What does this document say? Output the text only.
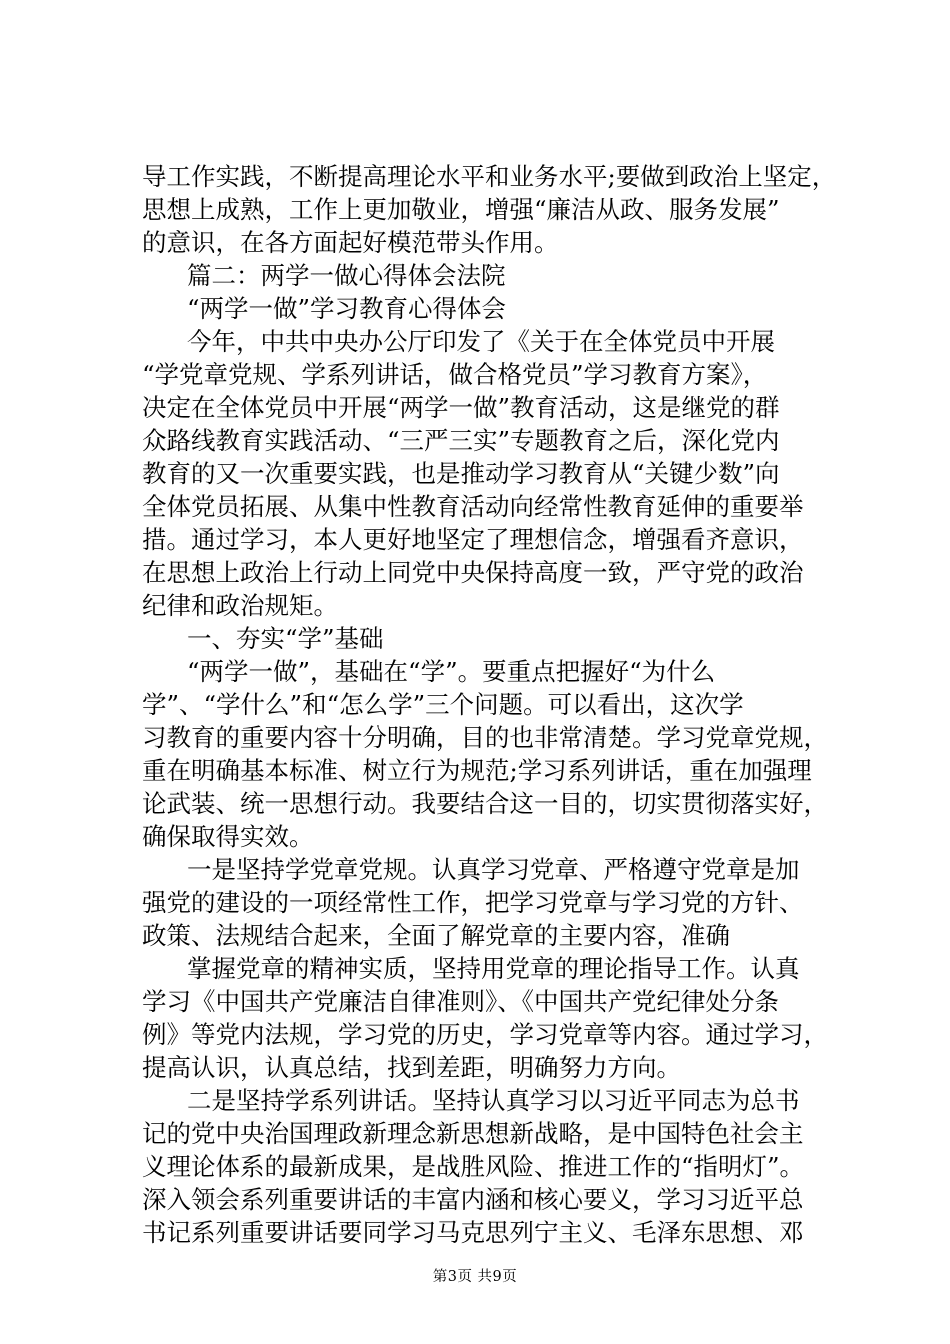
导工作实践，不断提高理论水平和业务水平;要做到政治上坚定，
思想上成熟，工作上更加敬业，增强“廉洁从政、服务发展”
的意识，在各方面起好模范带头作用。
篇二：两学一做心得体会法院
“两学一做”学习教育心得体会
今年，中共中央办公厅印发了《关于在全体党员中开展
“学党章党规、学系列讲话，做合格党员”学习教育方案》，
决定在全体党员中开展“两学一做”教育活动，这是继党的群
众路线教育实践活动、“三严三实”专题教育之后，深化党内
教育的又一次重要实践，也是推动学习教育从“关键少数”向
全体党员拓展、从集中性教育活动向经常性教育延伸的重要举
措。通过学习，本人更好地坚定了理想信念，增强看齐意识，
在思想上政治上行动上同党中央保持高度一致，严守党的政治
纪律和政治规矩。
一、夯实“学”基础
“两学一做”，基础在“学”。要重点把握好“为什么
学”、“学什么”和“怎么学”三个问题。可以看出，这次学
习教育的重要内容十分明确，目的也非常清楚。学习党章党规，
重在明确基本标准、树立行为规范;学习系列讲话，重在加强理
论武装、统一思想行动。我要结合这一目的，切实贯彻落实好，
确保取得实效。
一是坚持学党章党规。认真学习党章、严格遵守党章是加
强党的建设的一项经常性工作，把学习党章与学习党的方针、
政策、法规结合起来，全面了解党章的主要内容，准确
掌握党章的精神实质，坚持用党章的理论指导工作。认真
学习《中国共产党廉洁自律准则》、《中国共产党纪律处分条
例》等党内法规，学习党的历史，学习党章等内容。通过学习，
提高认识，认真总结，找到差距，明确努力方向。
二是坚持学系列讲话。坚持认真学习以习近平同志为总书
记的党中央治国理政新理念新思想新战略，是中国特色社会主
义理论体系的最新成果，是战胜风险、推进工作的“指明灯”。
深入领会系列重要讲话的丰富内涵和核心要义，学习习近平总
书记系列重要讲话要同学习马克思列宁主义、毛泽东思想、邓
第3页 共9页
